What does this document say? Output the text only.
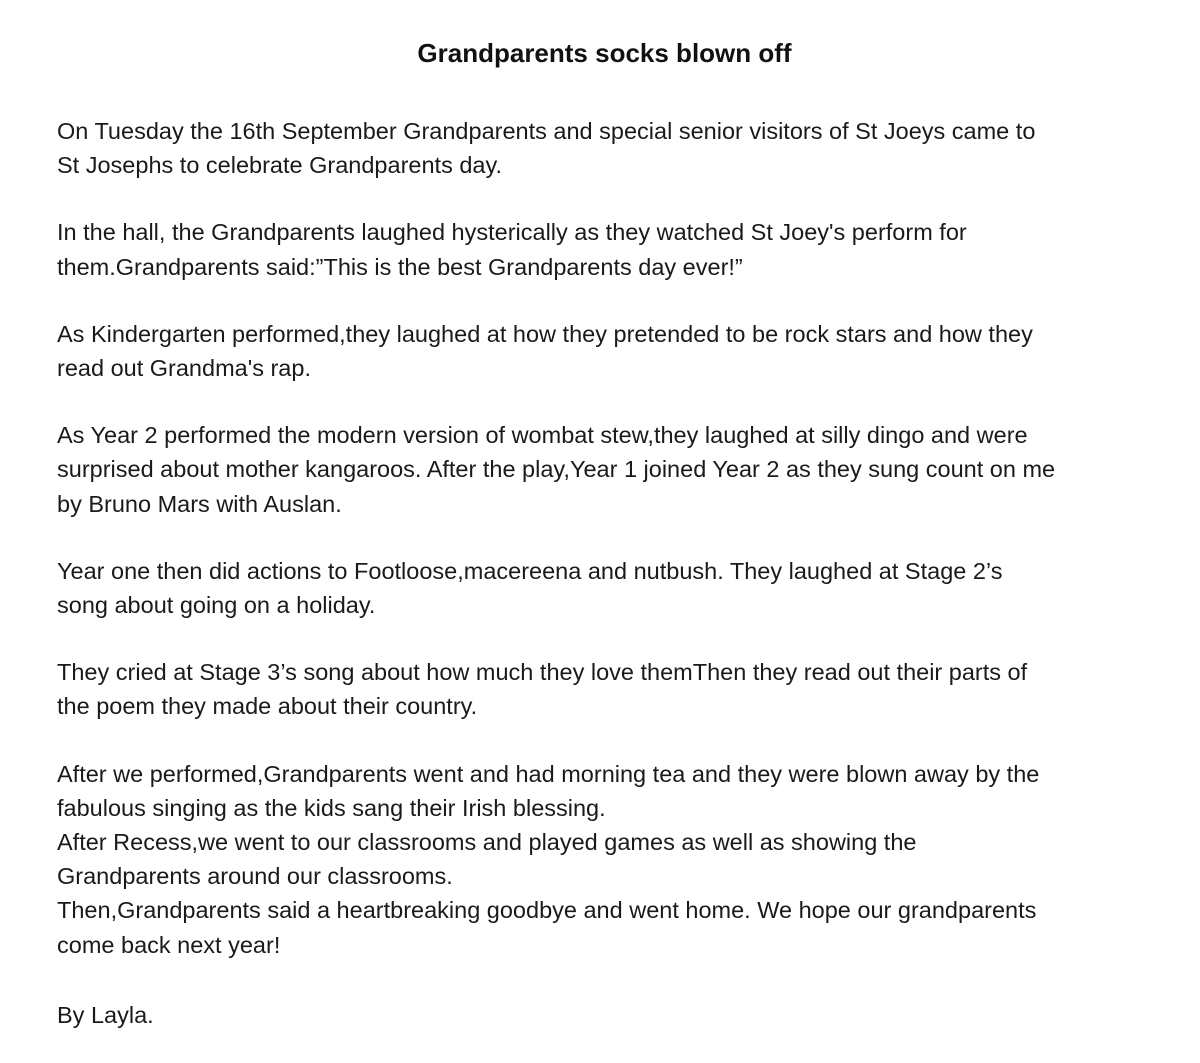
Grandparents socks blown off

On Tuesday the 16th September Grandparents and special senior visitors of St Joeys came to
St Josephs to celebrate Grandparents day.

In the hall, the Grandparents laughed hysterically as they watched St Joey's perform for
them.Grandparents said:”This is the best Grandparents day ever!”

As Kindergarten performed,they laughed at how they pretended to be rock stars and how they
read out Grandma's rap.

As Year 2 performed the modern version of wombat stew,they laughed at silly dingo and were
surprised about mother kangaroos. After the play,Year 1 joined Year 2 as they sung count on me
by Bruno Mars with Auslan.

Year one then did actions to Footloose,macereena and nutbush. They laughed at Stage 2’s
song about going on a holiday.

They cried at Stage 3’s song about how much they love themThen they read out their parts of
the poem they made about their country.

After we performed,Grandparents went and had morning tea and they were blown away by the
fabulous singing as the kids sang their Irish blessing.

After Recess,we went to our classrooms and played games as well as showing the
Grandparents around our classrooms.

Then,Grandparents said a heartbreaking goodbye and went home. We hope our grandparents
come back next year!

By Layla.
